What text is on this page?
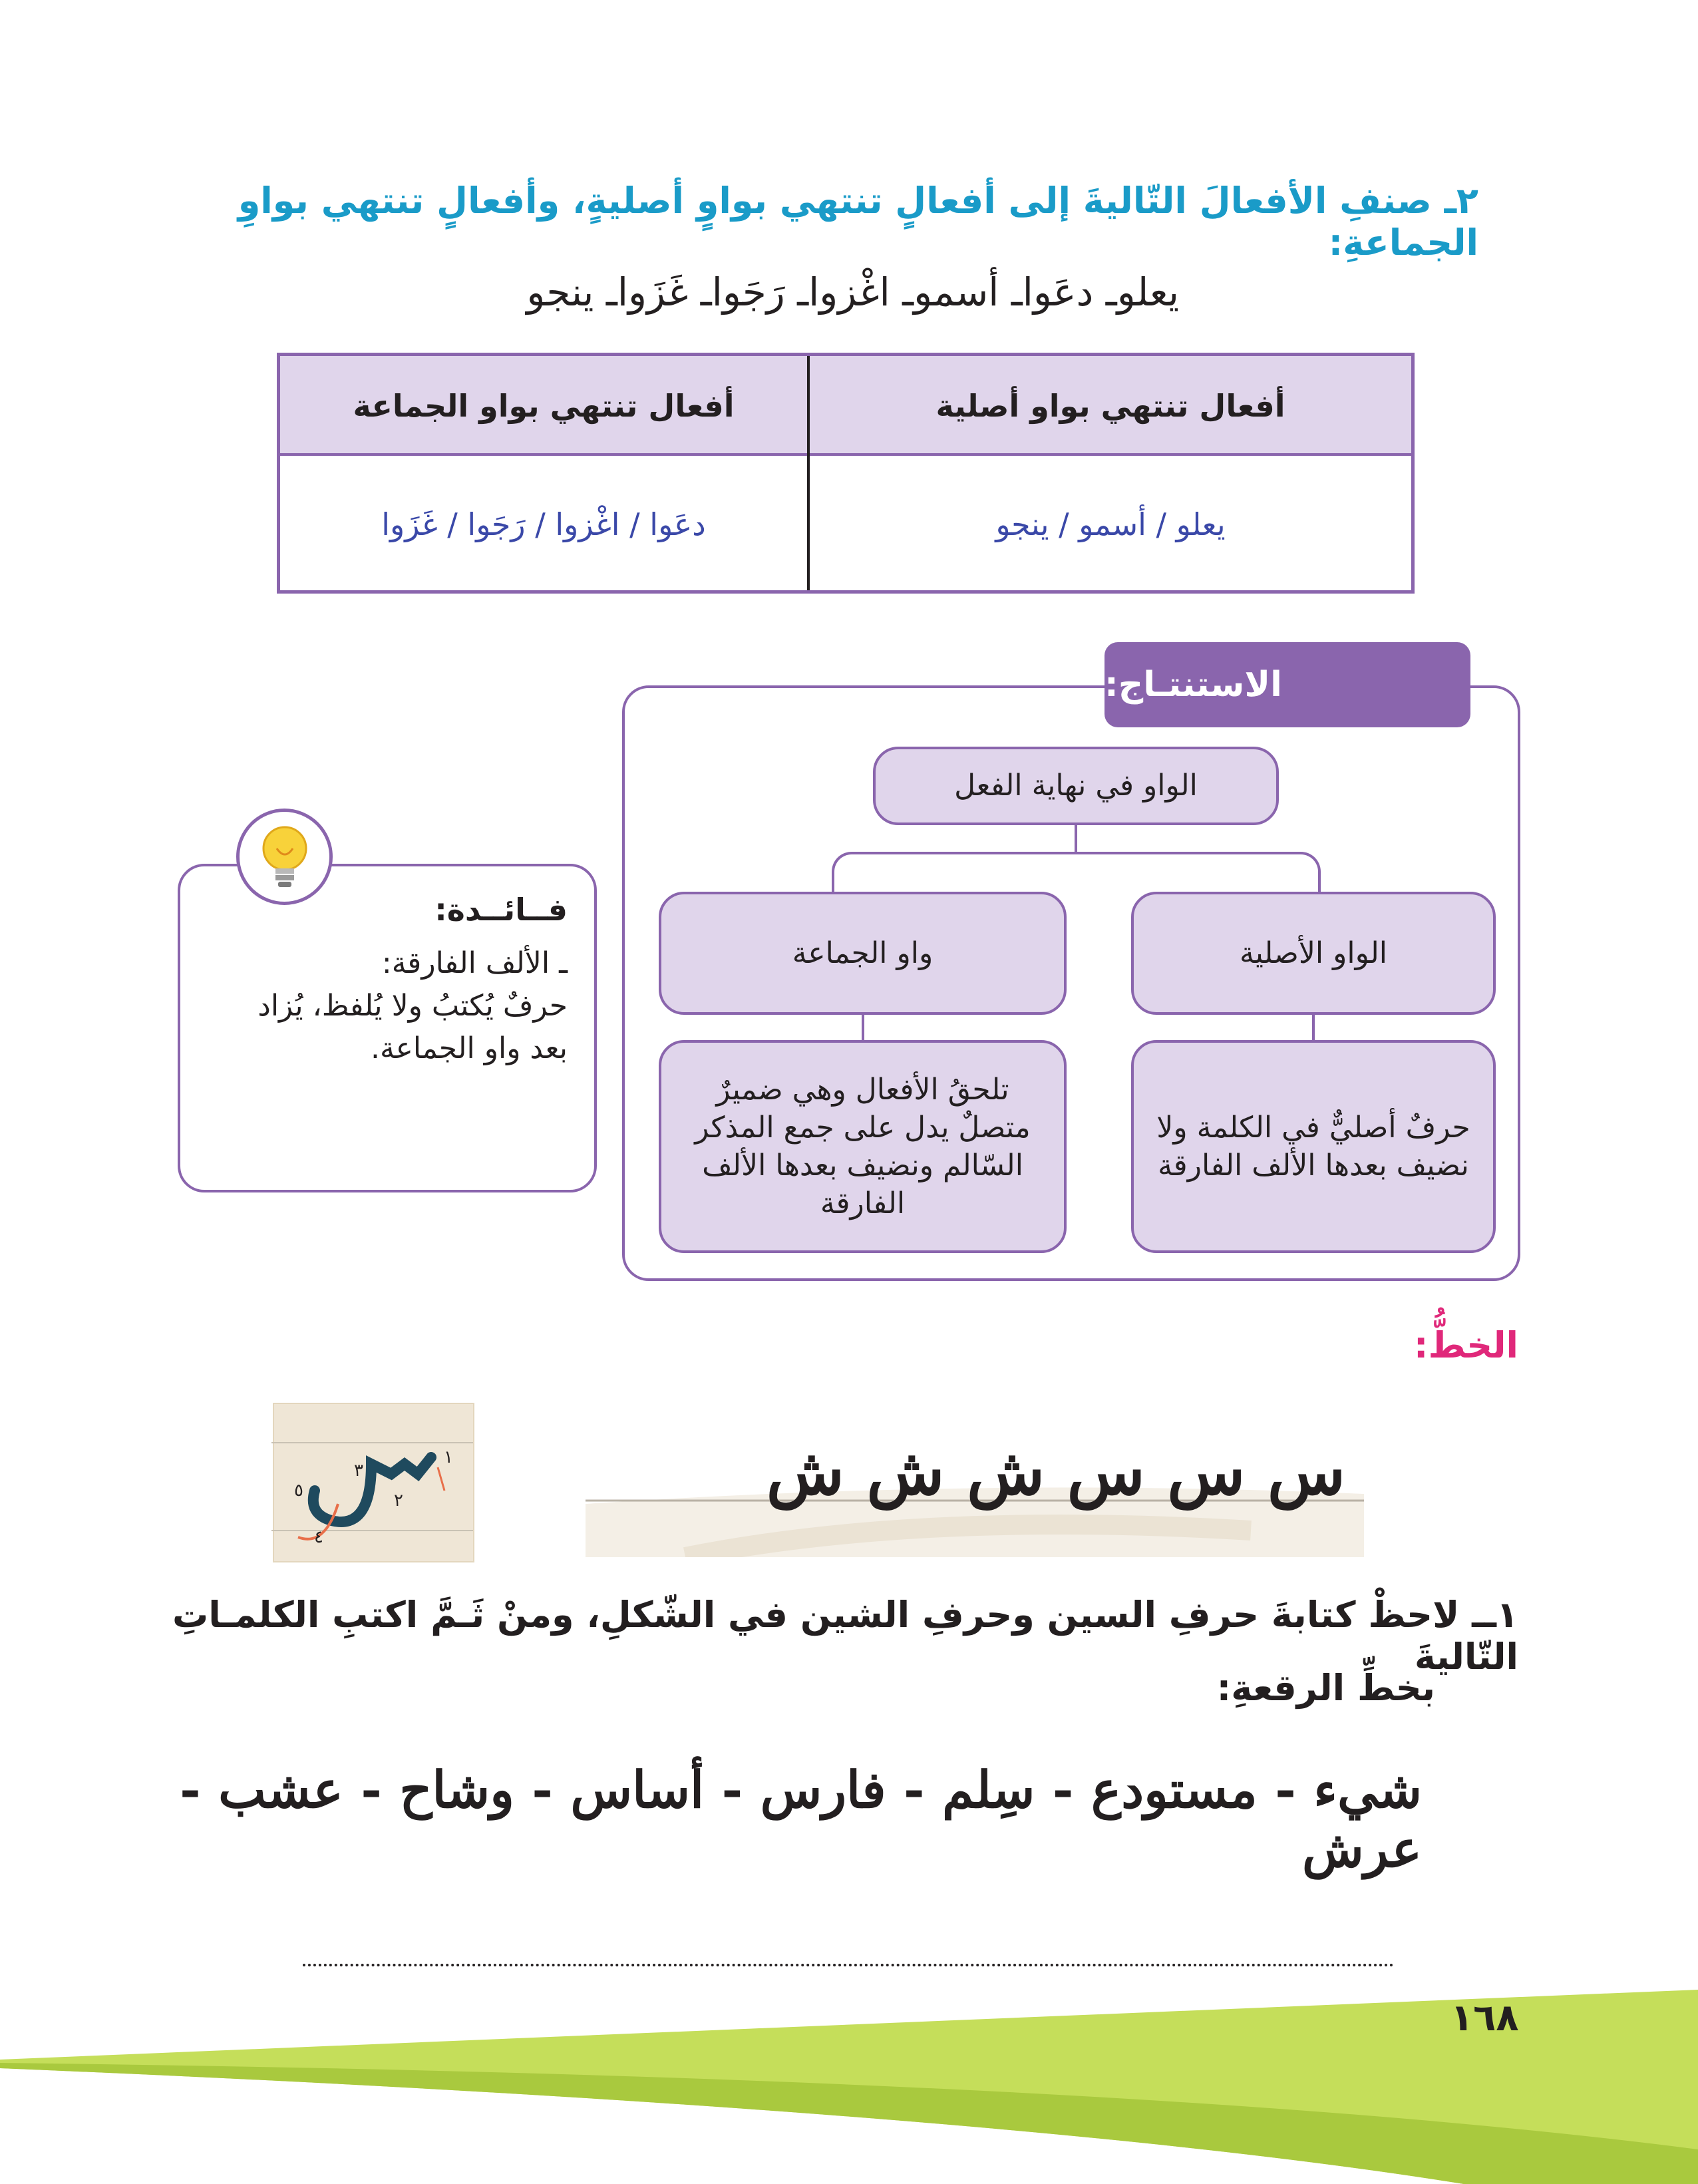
٢ـ صنفِ الأفعالَ التّاليةَ إلى أفعالٍ تنتهي بواوٍ أصليةٍ، وأفعالٍ تنتهي بواوِ الجماعةِ:
يعلوـ دعَواـ أسموـ اغْزواـ رَجَواـ غَزَواـ ينجو
أفعال تنتهي بواو أصلية
أفعال تنتهي بواو الجماعة
يعلو / أسمو / ينجو
دعَوا / اغْزوا / رَجَوا / غَزَوا
الاستنتـاج:
الواو في نهاية الفعل
الواو الأصلية
واو الجماعة
حرفٌ أصليٌّ في الكلمة ولا نضيف بعدها الألف الفارقة
تلحقُ الأفعال وهي ضميرٌ متصلٌ يدل على جمع المذكر السّالم ونضيف بعدها الألف الفارقة
فــائــدة:
ـ الألف الفارقة:
حرفٌ يُكتبُ ولا يُلفظ، يُزاد
بعد واو الجماعة.
الخطُّ:
س س س ش ش ش
١
٢
٣
٤
٥
١ــ لاحظْ كتابةَ حرفِ السين وحرفِ الشين في الشّكلِ، ومنْ ثَـمَّ اكتبِ الكلمـاتِ التّاليةَ
بخطِّ الرقعةِ:
شيء - مستودع - سِلم - فارس - أساس - وشاح - عشب - عرش
١٦٨
